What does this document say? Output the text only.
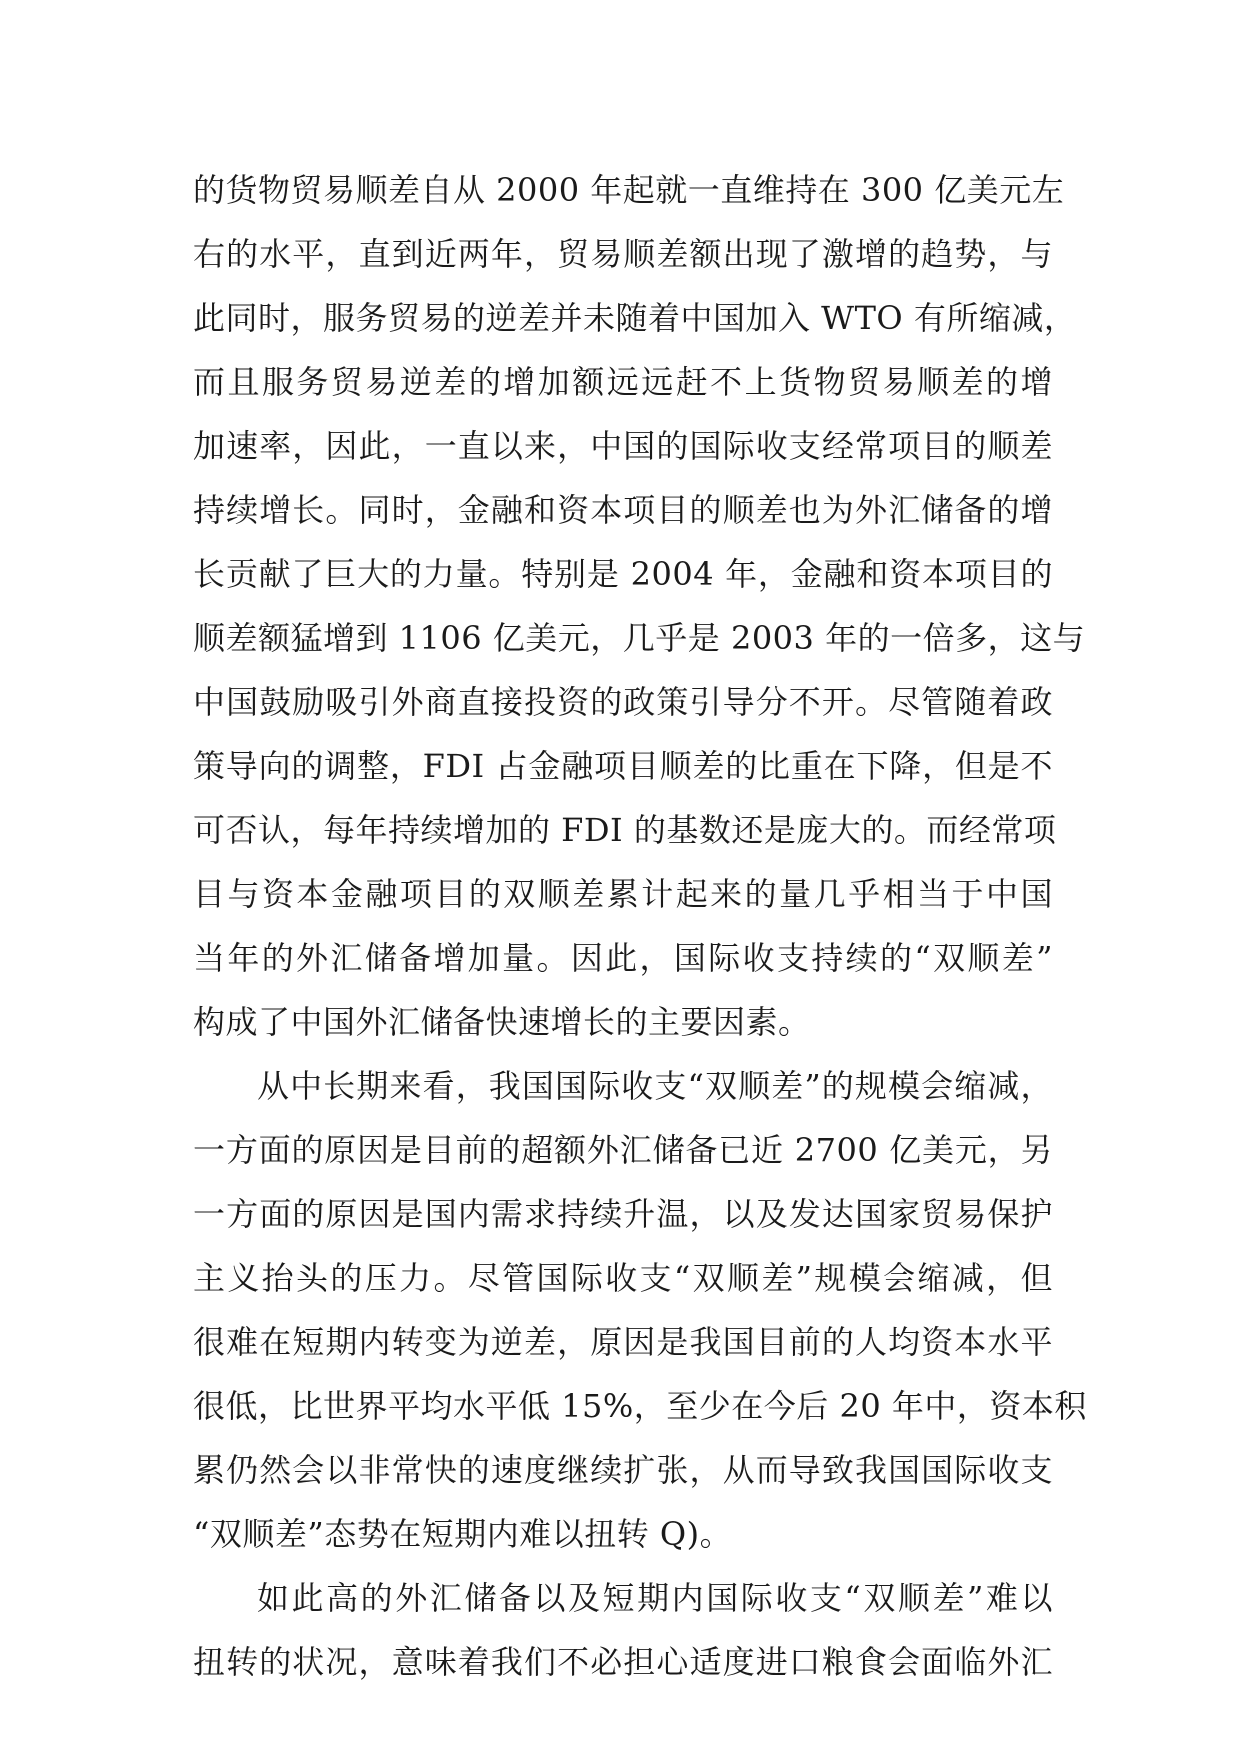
的货物贸易顺差自从 2000 年起就一直维持在 300 亿美元左
右的水平，直到近两年，贸易顺差额出现了激增的趋势，与
此同时，服务贸易的逆差并未随着中国加入 WTO 有所缩减，
而且服务贸易逆差的增加额远远赶不上货物贸易顺差的增
加速率，因此，一直以来，中国的国际收支经常项目的顺差
持续增长。同时，金融和资本项目的顺差也为外汇储备的增
长贡献了巨大的力量。特别是 2004 年，金融和资本项目的
顺差额猛增到 1106 亿美元，几乎是 2003 年的一倍多，这与
中国鼓励吸引外商直接投资的政策引导分不开。尽管随着政
策导向的调整，FDI 占金融项目顺差的比重在下降，但是不
可否认，每年持续增加的 FDI 的基数还是庞大的。而经常项
目与资本金融项目的双顺差累计起来的量几乎相当于中国
当年的外汇储备增加量。因此，国际收支持续的“双顺差”
构成了中国外汇储备快速增长的主要因素。
从中长期来看，我国国际收支“双顺差”的规模会缩减，
一方面的原因是目前的超额外汇储备已近 2700 亿美元，另
一方面的原因是国内需求持续升温，以及发达国家贸易保护
主义抬头的压力。尽管国际收支“双顺差”规模会缩减，但
很难在短期内转变为逆差，原因是我国目前的人均资本水平
很低，比世界平均水平低 15%，至少在今后 20 年中，资本积
累仍然会以非常快的速度继续扩张，从而导致我国国际收支
“双顺差”态势在短期内难以扭转 Q)。
如此高的外汇储备以及短期内国际收支“双顺差”难以
扭转的状况，意味着我们不必担心适度进口粮食会面临外汇
